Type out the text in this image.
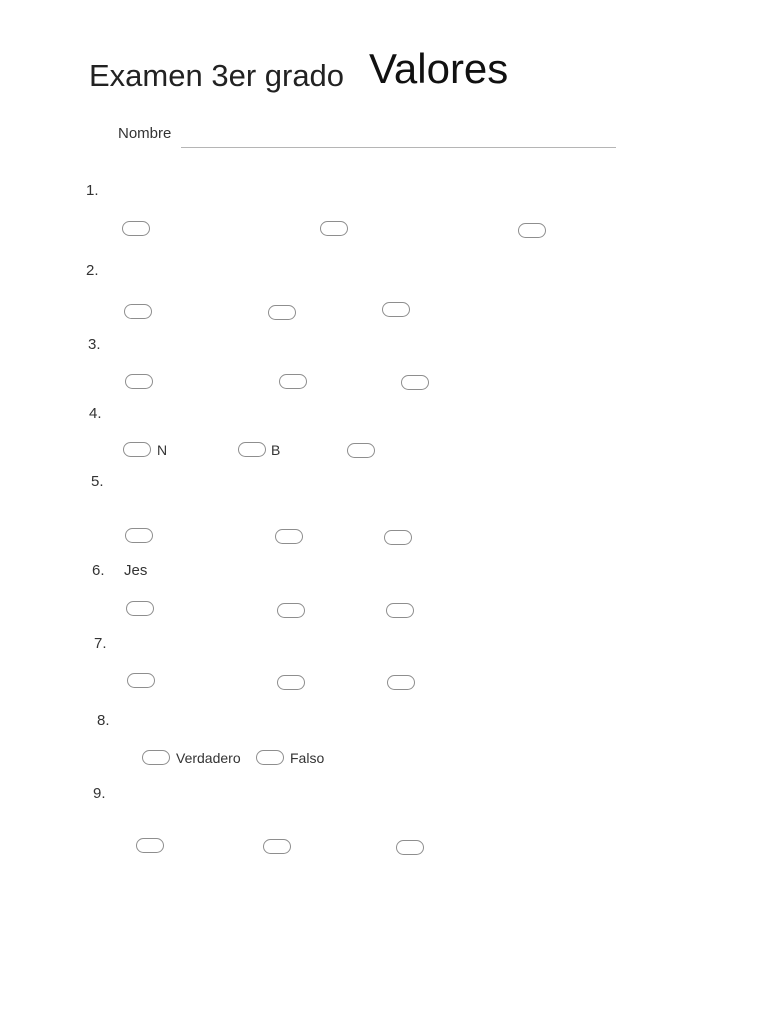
Examen 3er grado Valores
Nombre
1.
2.
3.
4.
N	B
5.
6. Jes
7.
8.
Verdadero	Falso
9.
